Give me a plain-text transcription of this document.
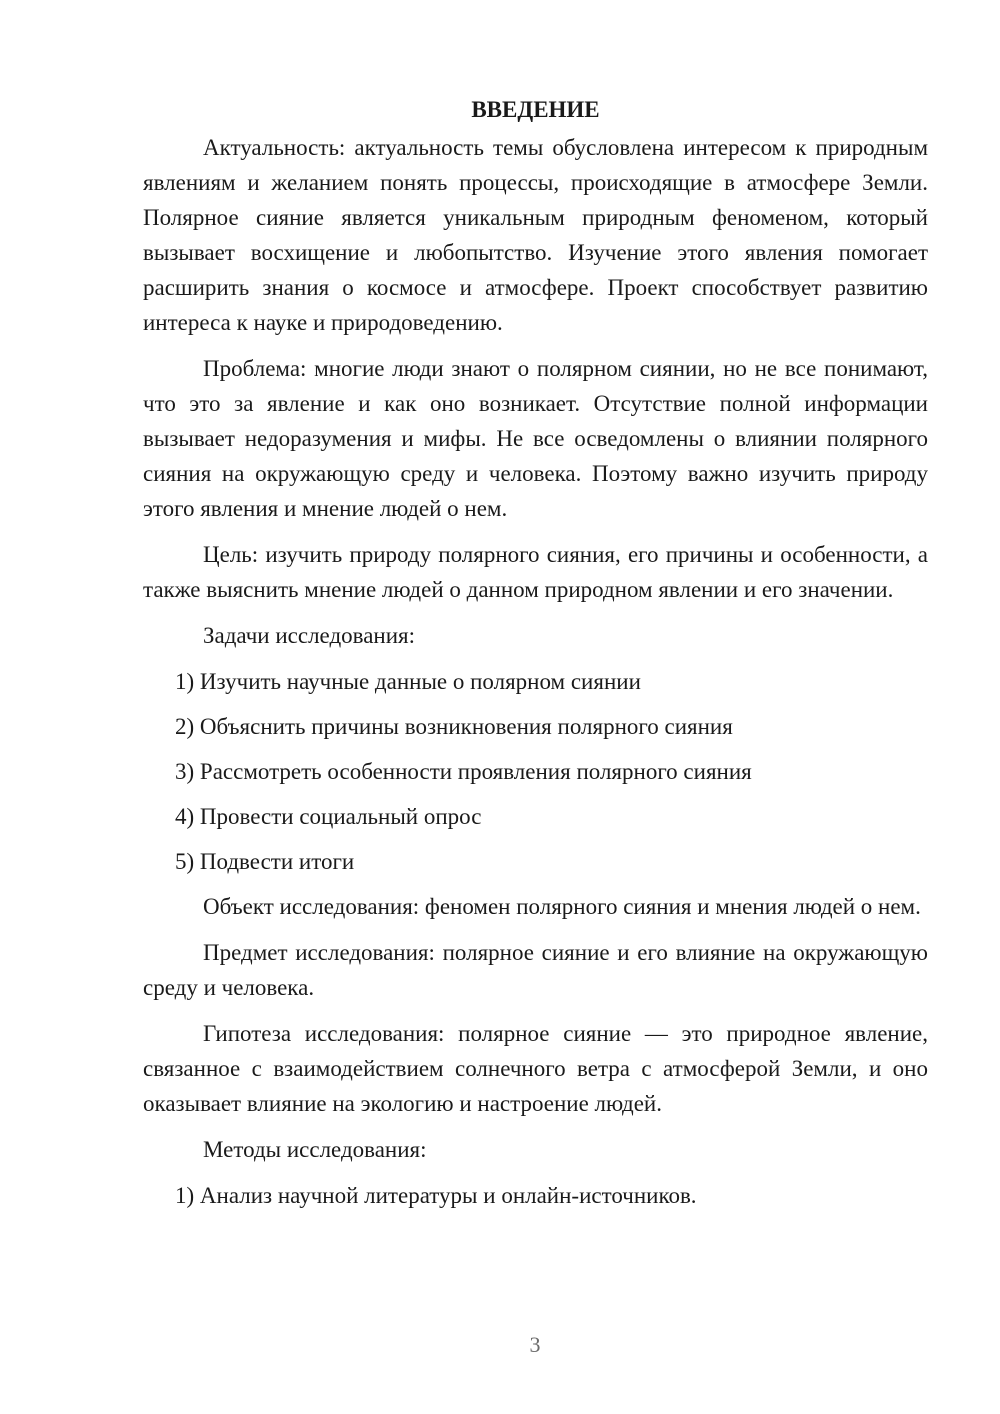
ВВЕДЕНИЕ

Актуальность: актуальность темы обусловлена интересом к природным явлениям и желанием понять процессы, происходящие в атмосфере Земли. Полярное сияние является уникальным природным феноменом, который вызывает восхищение и любопытство. Изучение этого явления помогает расширить знания о космосе и атмосфере. Проект способствует развитию интереса к науке и природоведению.

Проблема: многие люди знают о полярном сиянии, но не все понимают, что это за явление и как оно возникает. Отсутствие полной информации вызывает недоразумения и мифы. Не все осведомлены о влиянии полярного сияния на окружающую среду и человека. Поэтому важно изучить природу этого явления и мнение людей о нем.

Цель: изучить природу полярного сияния, его причины и особенности, а также выяснить мнение людей о данном природном явлении и его значении.

Задачи исследования:

1) Изучить научные данные о полярном сиянии

2) Объяснить причины возникновения полярного сияния

3) Рассмотреть особенности проявления полярного сияния

4) Провести социальный опрос

5) Подвести итоги

Объект исследования: феномен полярного сияния и мнения людей о нем.

Предмет исследования: полярное сияние и его влияние на окружающую среду и человека.

Гипотеза исследования: полярное сияние — это природное явление, связанное с взаимодействием солнечного ветра с атмосферой Земли, и оно оказывает влияние на экологию и настроение людей.

Методы исследования:

1) Анализ научной литературы и онлайн-источников.

3
